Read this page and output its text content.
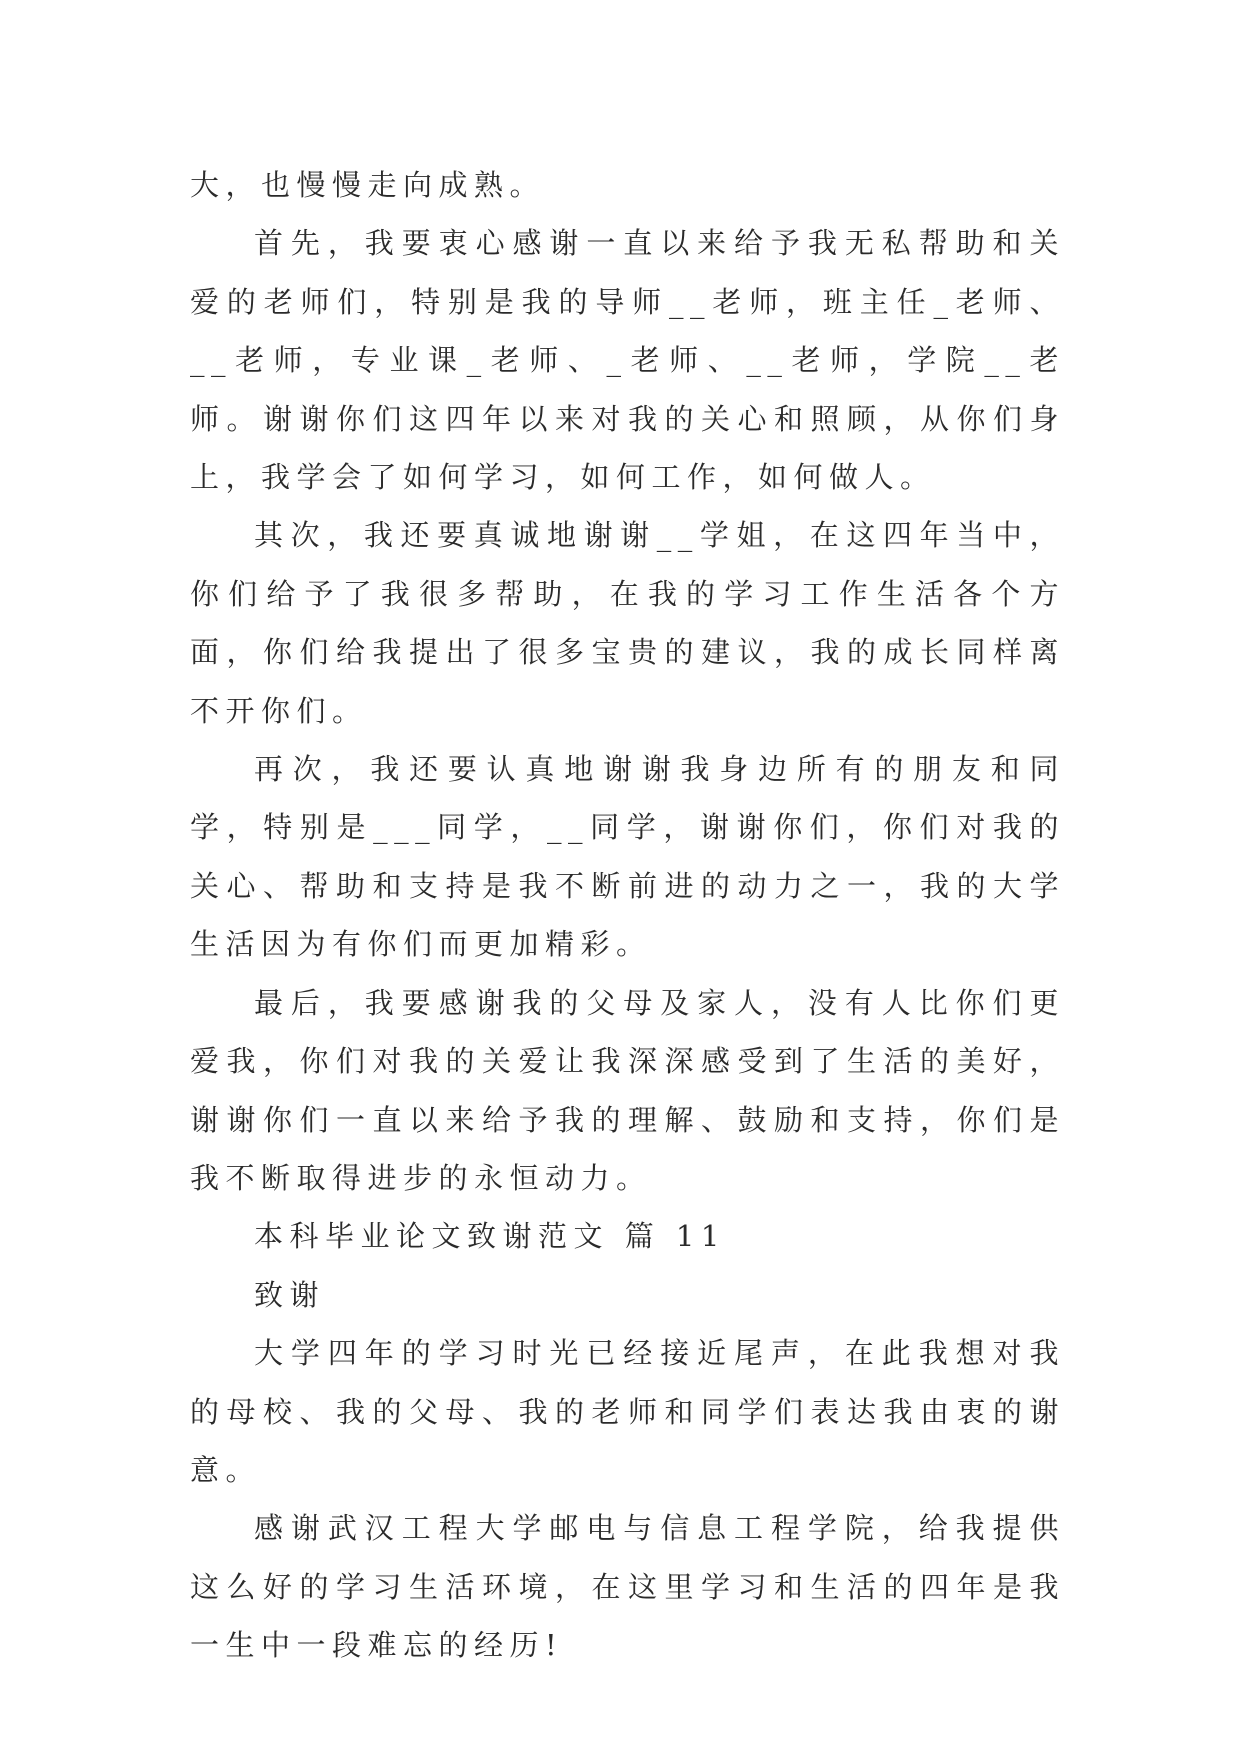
大，也慢慢走向成熟。

首先，我要衷心感谢一直以来给予我无私帮助和关爱的老师们，特别是我的导师__老师，班主任_老师、__老师，专业课_老师、_老师、__老师，学院__老师。谢谢你们这四年以来对我的关心和照顾，从你们身上，我学会了如何学习，如何工作，如何做人。

其次，我还要真诚地谢谢__学姐，在这四年当中，你们给予了我很多帮助，在我的学习工作生活各个方面，你们给我提出了很多宝贵的建议，我的成长同样离不开你们。

再次，我还要认真地谢谢我身边所有的朋友和同学，特别是___同学，__同学，谢谢你们，你们对我的关心、帮助和支持是我不断前进的动力之一，我的大学生活因为有你们而更加精彩。

最后，我要感谢我的父母及家人，没有人比你们更爱我，你们对我的关爱让我深深感受到了生活的美好，谢谢你们一直以来给予我的理解、鼓励和支持，你们是我不断取得进步的永恒动力。

本科毕业论文致谢范文 篇 11

致谢

大学四年的学习时光已经接近尾声，在此我想对我的母校、我的父母、我的老师和同学们表达我由衷的谢意。

感谢武汉工程大学邮电与信息工程学院，给我提供这么好的学习生活环境，在这里学习和生活的四年是我一生中一段难忘的经历!
